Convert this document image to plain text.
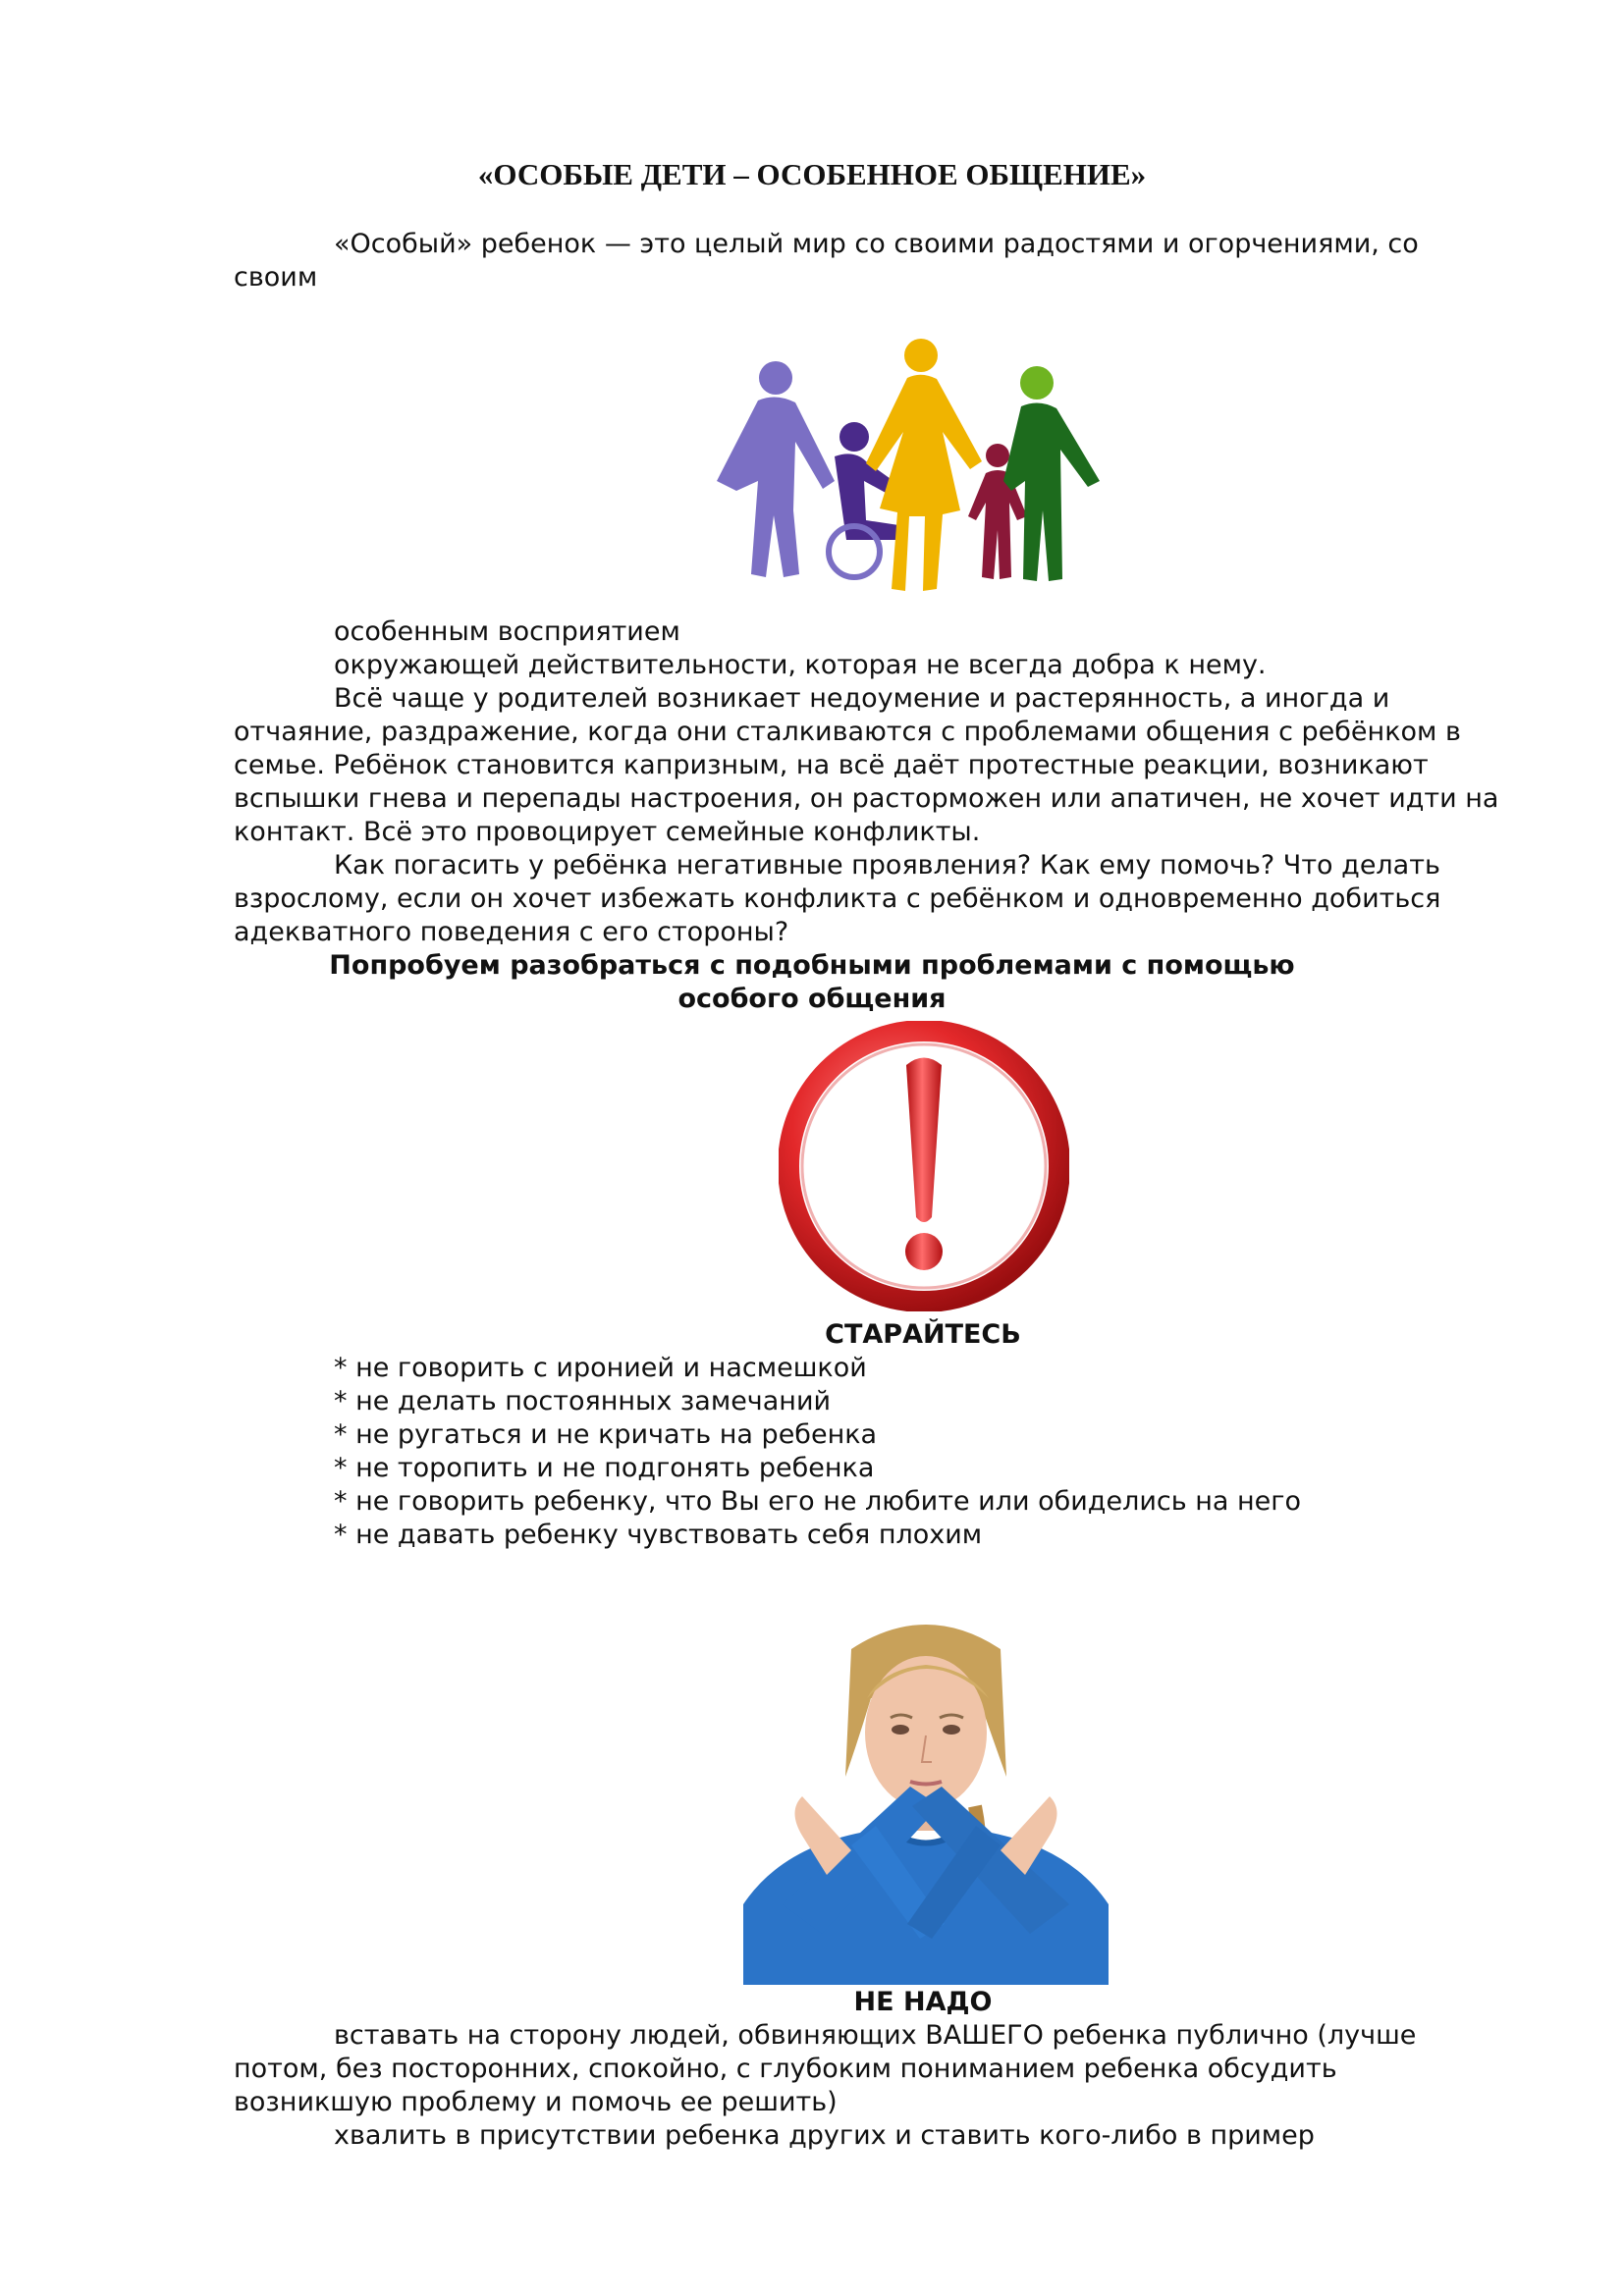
«ОСОБЫЕ ДЕТИ – ОСОБЕННОЕ ОБЩЕНИЕ»
«Особый» ребенок — это целый мир со своими радостями и огорчениями, со
своим
особенным восприятием
окружающей действительности, которая не всегда добра к нему.
Всё чаще у родителей возникает недоумение и растерянность, а иногда и
отчаяние, раздражение, когда они сталкиваются с проблемами общения с ребёнком в
семье. Ребёнок становится капризным, на всё даёт протестные реакции, возникают
вспышки гнева и перепады настроения, он расторможен или апатичен, не хочет идти на
контакт. Всё это провоцирует семейные конфликты.
Как погасить у ребёнка негативные проявления? Как ему помочь? Что делать
взрослому, если он хочет избежать конфликта с ребёнком и одновременно добиться
адекватного поведения с его стороны?
Попробуем разобраться с подобными проблемами с помощью
особого общения
СТАРАЙТЕСЬ
* не говорить с иронией и насмешкой
* не делать постоянных замечаний
* не ругаться и не кричать на ребенка
* не торопить и не подгонять ребенка
* не говорить ребенку, что Вы его не любите или обиделись на него
* не давать ребенку чувствовать себя плохим
НЕ НАДО
вставать на сторону людей, обвиняющих ВАШЕГО ребенка публично (лучше
потом, без посторонних, спокойно, с глубоким пониманием ребенка обсудить
возникшую проблему и помочь ее решить)
хвалить в присутствии ребенка других и ставить кого-либо в пример
